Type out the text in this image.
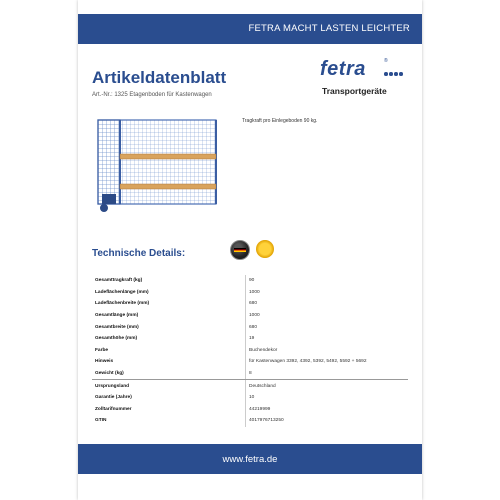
FETRA MACHT LASTEN LEICHTER
Artikeldatenblatt
Art.-Nr.: 1325 Etagenboden für Kastenwagen
fetra	®
Transportgeräte
Tragkraft pro Einlegeboden 90 kg.
Technische Details:
Gesamttragkraft (kg)	90
Ladeflächenlänge (mm)	1000
Ladeflächenbreite (mm)	680
Gesamtlänge (mm)	1000
Gesamtbreite (mm)	680
Gesamthöhe (mm)	19
Farbe	Buchendekor
Hinweis	für Kastenwagen 3392, 4392, 5392, 5492, 5592 + 5692
Gewicht (kg)	8
Ursprungsland	Deutschland
Garantie (Jahre)	10
Zolltarifnummer	44219999
GTIN	4017976713250
www.fetra.de
